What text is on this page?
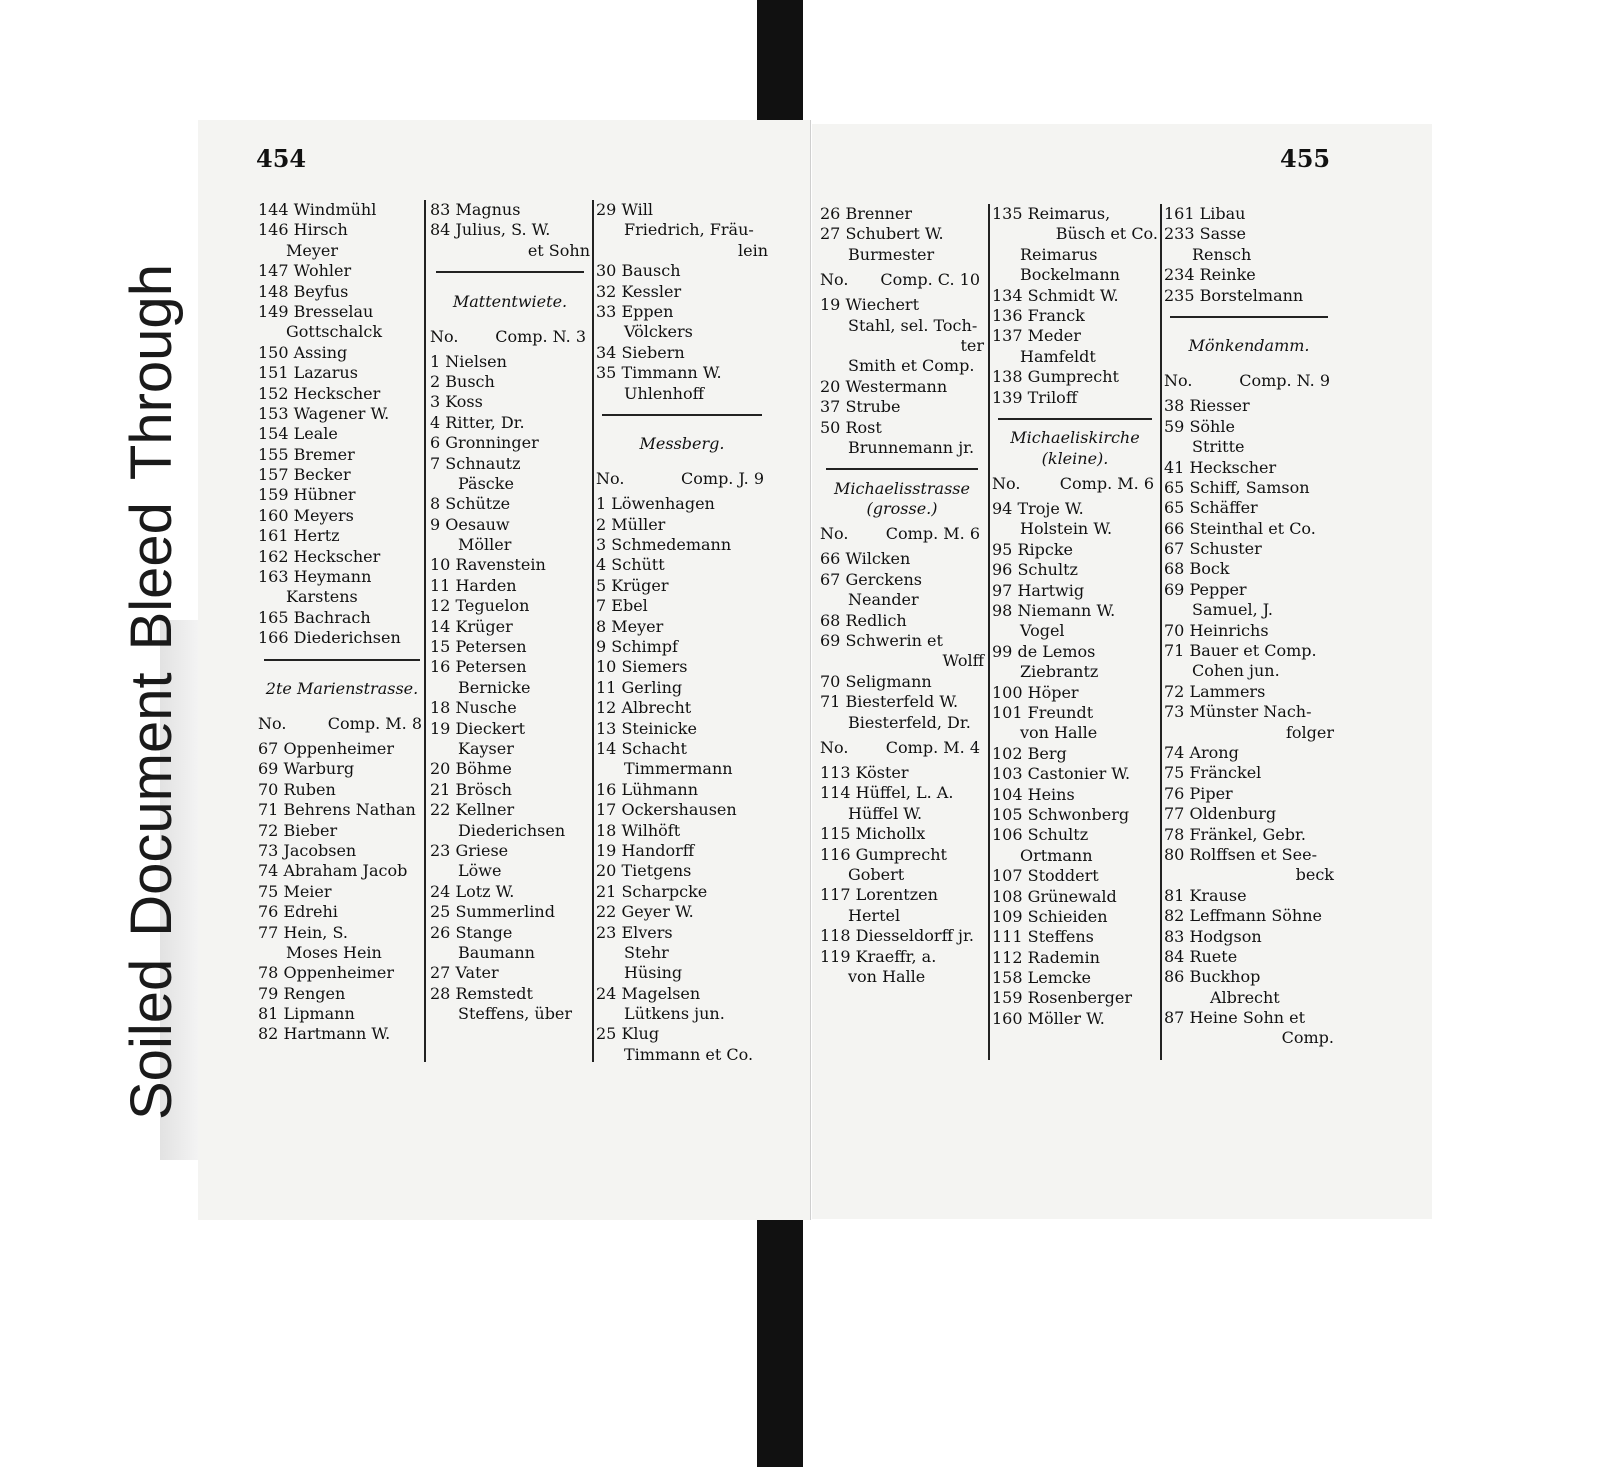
SoiledDocumentBleedThrough
454
144 Windmühl
146 Hirsch
Meyer
147 Wohler
148 Beyfus
149 Bresselau
Gottschalck
150 Assing
151 Lazarus
152 Heckscher
153 Wagener W.
154 Leale
155 Bremer
157 Becker
159 Hübner
160 Meyers
161 Hertz
162 Heckscher
163 Heymann
Karstens
165 Bachrach
166 Diederichsen
2te Marienstrasse.
No.	Comp. M. 8
67 Oppenheimer
69 Warburg
70 Ruben
71 Behrens Nathan
72 Bieber
73 Jacobsen
74 Abraham Jacob
75 Meier
76 Edrehi
77 Hein, S.
Moses Hein
78 Oppenheimer
79 Rengen
81 Lipmann
82 Hartmann W.
83 Magnus
84 Julius, S. W.
et Sohn
Mattentwiete.
No. Comp. N. 3
1 Nielsen
2 Busch
3 Koss
4 Ritter, Dr.
6 Gronninger
7 Schnautz
Päscke
8 Schütze
9 Oesauw
Möller
10 Ravenstein
11 Harden
12 Teguelon
14 Krüger
15 Petersen
16 Petersen
Bernicke
18 Nusche
19 Dieckert
Kayser
20 Böhme
21 Brösch
22 Kellner
Diederichsen
23 Griese
Löwe
24 Lotz W.
25 Summerlind
26 Stange
Baumann
27 Vater
28 Remstedt
Steffens, über
29 Will
Friedrich, Fräu-
lein
30 Bausch
32 Kessler
33 Eppen
Völckers
34 Siebern
35 Timmann W.
Uhlenhoff
Messberg.
No.	Comp. J. 9
1 Löwenhagen
2 Müller
3 Schmedemann
4 Schütt
5 Krüger
7 Ebel
8 Meyer
9 Schimpf
10 Siemers
11 Gerling
12 Albrecht
13 Steinicke
14 Schacht
Timmermann
16 Lühmann
17 Ockershausen
18 Wilhöft
19 Handorff
20 Tietgens
21 Scharpcke
22 Geyer W.
23 Elvers
Stehr
Hüsing
24 Magelsen
Lütkens jun.
25 Klug
Timmann et Co.
455
26 Brenner
27 Schubert W.
Burmester
No. Comp. C. 10
19 Wiechert
Stahl, sel. Toch-
ter
Smith et Comp.
20 Westermann
37 Strube
50 Rost
Brunnemann jr.
Michaelisstrasse (grosse.)
No. Comp. M. 6
66 Wilcken
67 Gerckens
Neander
68 Redlich
69 Schwerin et
Wolff
70 Seligmann
71 Biesterfeld W.
Biesterfeld, Dr.
No. Comp. M. 4
113 Köster
114 Hüffel, L. A.
Hüffel W.
115 Michollx
116 Gumprecht
Gobert
117 Lorentzen
Hertel
118 Diesseldorff jr.
119 Kraeffr, a.
von Halle
135 Reimarus,
Büsch et Co.
Reimarus
Bockelmann
134 Schmidt W.
136 Franck
137 Meder
Hamfeldt
138 Gumprecht
139 Triloff
Michaeliskirche (kleine).
No. Comp. M. 6
94 Troje W.
Holstein W.
95 Ripcke
96 Schultz
97 Hartwig
98 Niemann W.
Vogel
99 de Lemos
Ziebrantz
100 Höper
101 Freundt
von Halle
102 Berg
103 Castonier W.
104 Heins
105 Schwonberg
106 Schultz
Ortmann
107 Stoddert
108 Grünewald
109 Schieiden
111 Steffens
112 Rademin
158 Lemcke
159 Rosenberger
160 Möller W.
161 Libau
233 Sasse
Rensch
234 Reinke
235 Borstelmann
Mönkendamm.
No.	Comp. N. 9
38 Riesser
59 Söhle
Stritte
41 Heckscher
65 Schiff, Samson
65 Schäffer
66 Steinthal et Co.
67 Schuster
68 Bock
69 Pepper
Samuel, J.
70 Heinrichs
71 Bauer et Comp.
Cohen jun.
72 Lammers
73 Münster Nach-
folger
74 Arong
75 Fränckel
76 Piper
77 Oldenburg
78 Fränkel, Gebr.
80 Rolffsen et See-
beck
81 Krause
82 Leffmann Söhne
83 Hodgson
84 Ruete
86 Buckhop
Albrecht
87 Heine Sohn et
Comp.
